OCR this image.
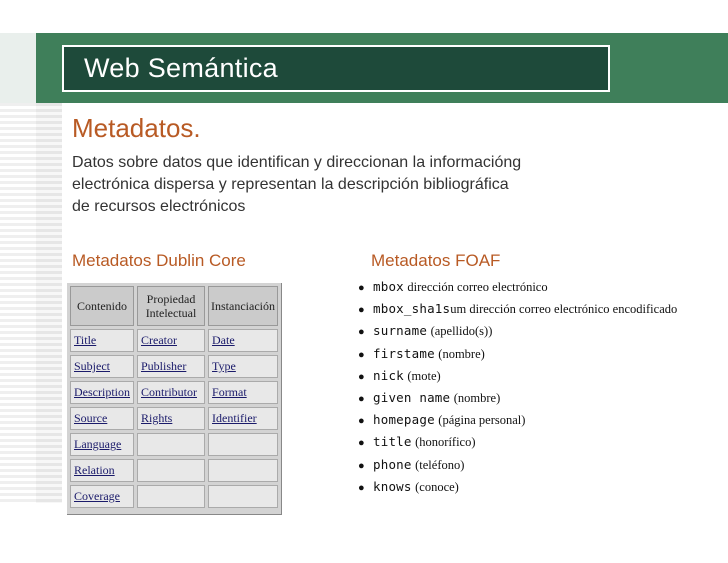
Web Semántica
Metadatos.
Datos sobre datos que identifican y direccionan la informacióng
electrónica dispersa y representan la descripción bibliográfica
de recursos electrónicos
Metadatos Dublin Core	Metadatos FOAF
Contenido	Propiedad Intelectual	Instanciación
Title	Creator	Date
Subject	Publisher	Type
Description	Contributor	Format
Source	Rights	Identifier
Language		
Relation		
Coverage		
● mbox dirección correo electrónico
● mbox_sha1sum dirección correo electrónico encodificado
● surname (apellido(s))
● firstame (nombre)
● nick (mote)
● given name (nombre)
● homepage (página personal)
● title (honorífico)
● phone (teléfono)
● knows (conoce)
